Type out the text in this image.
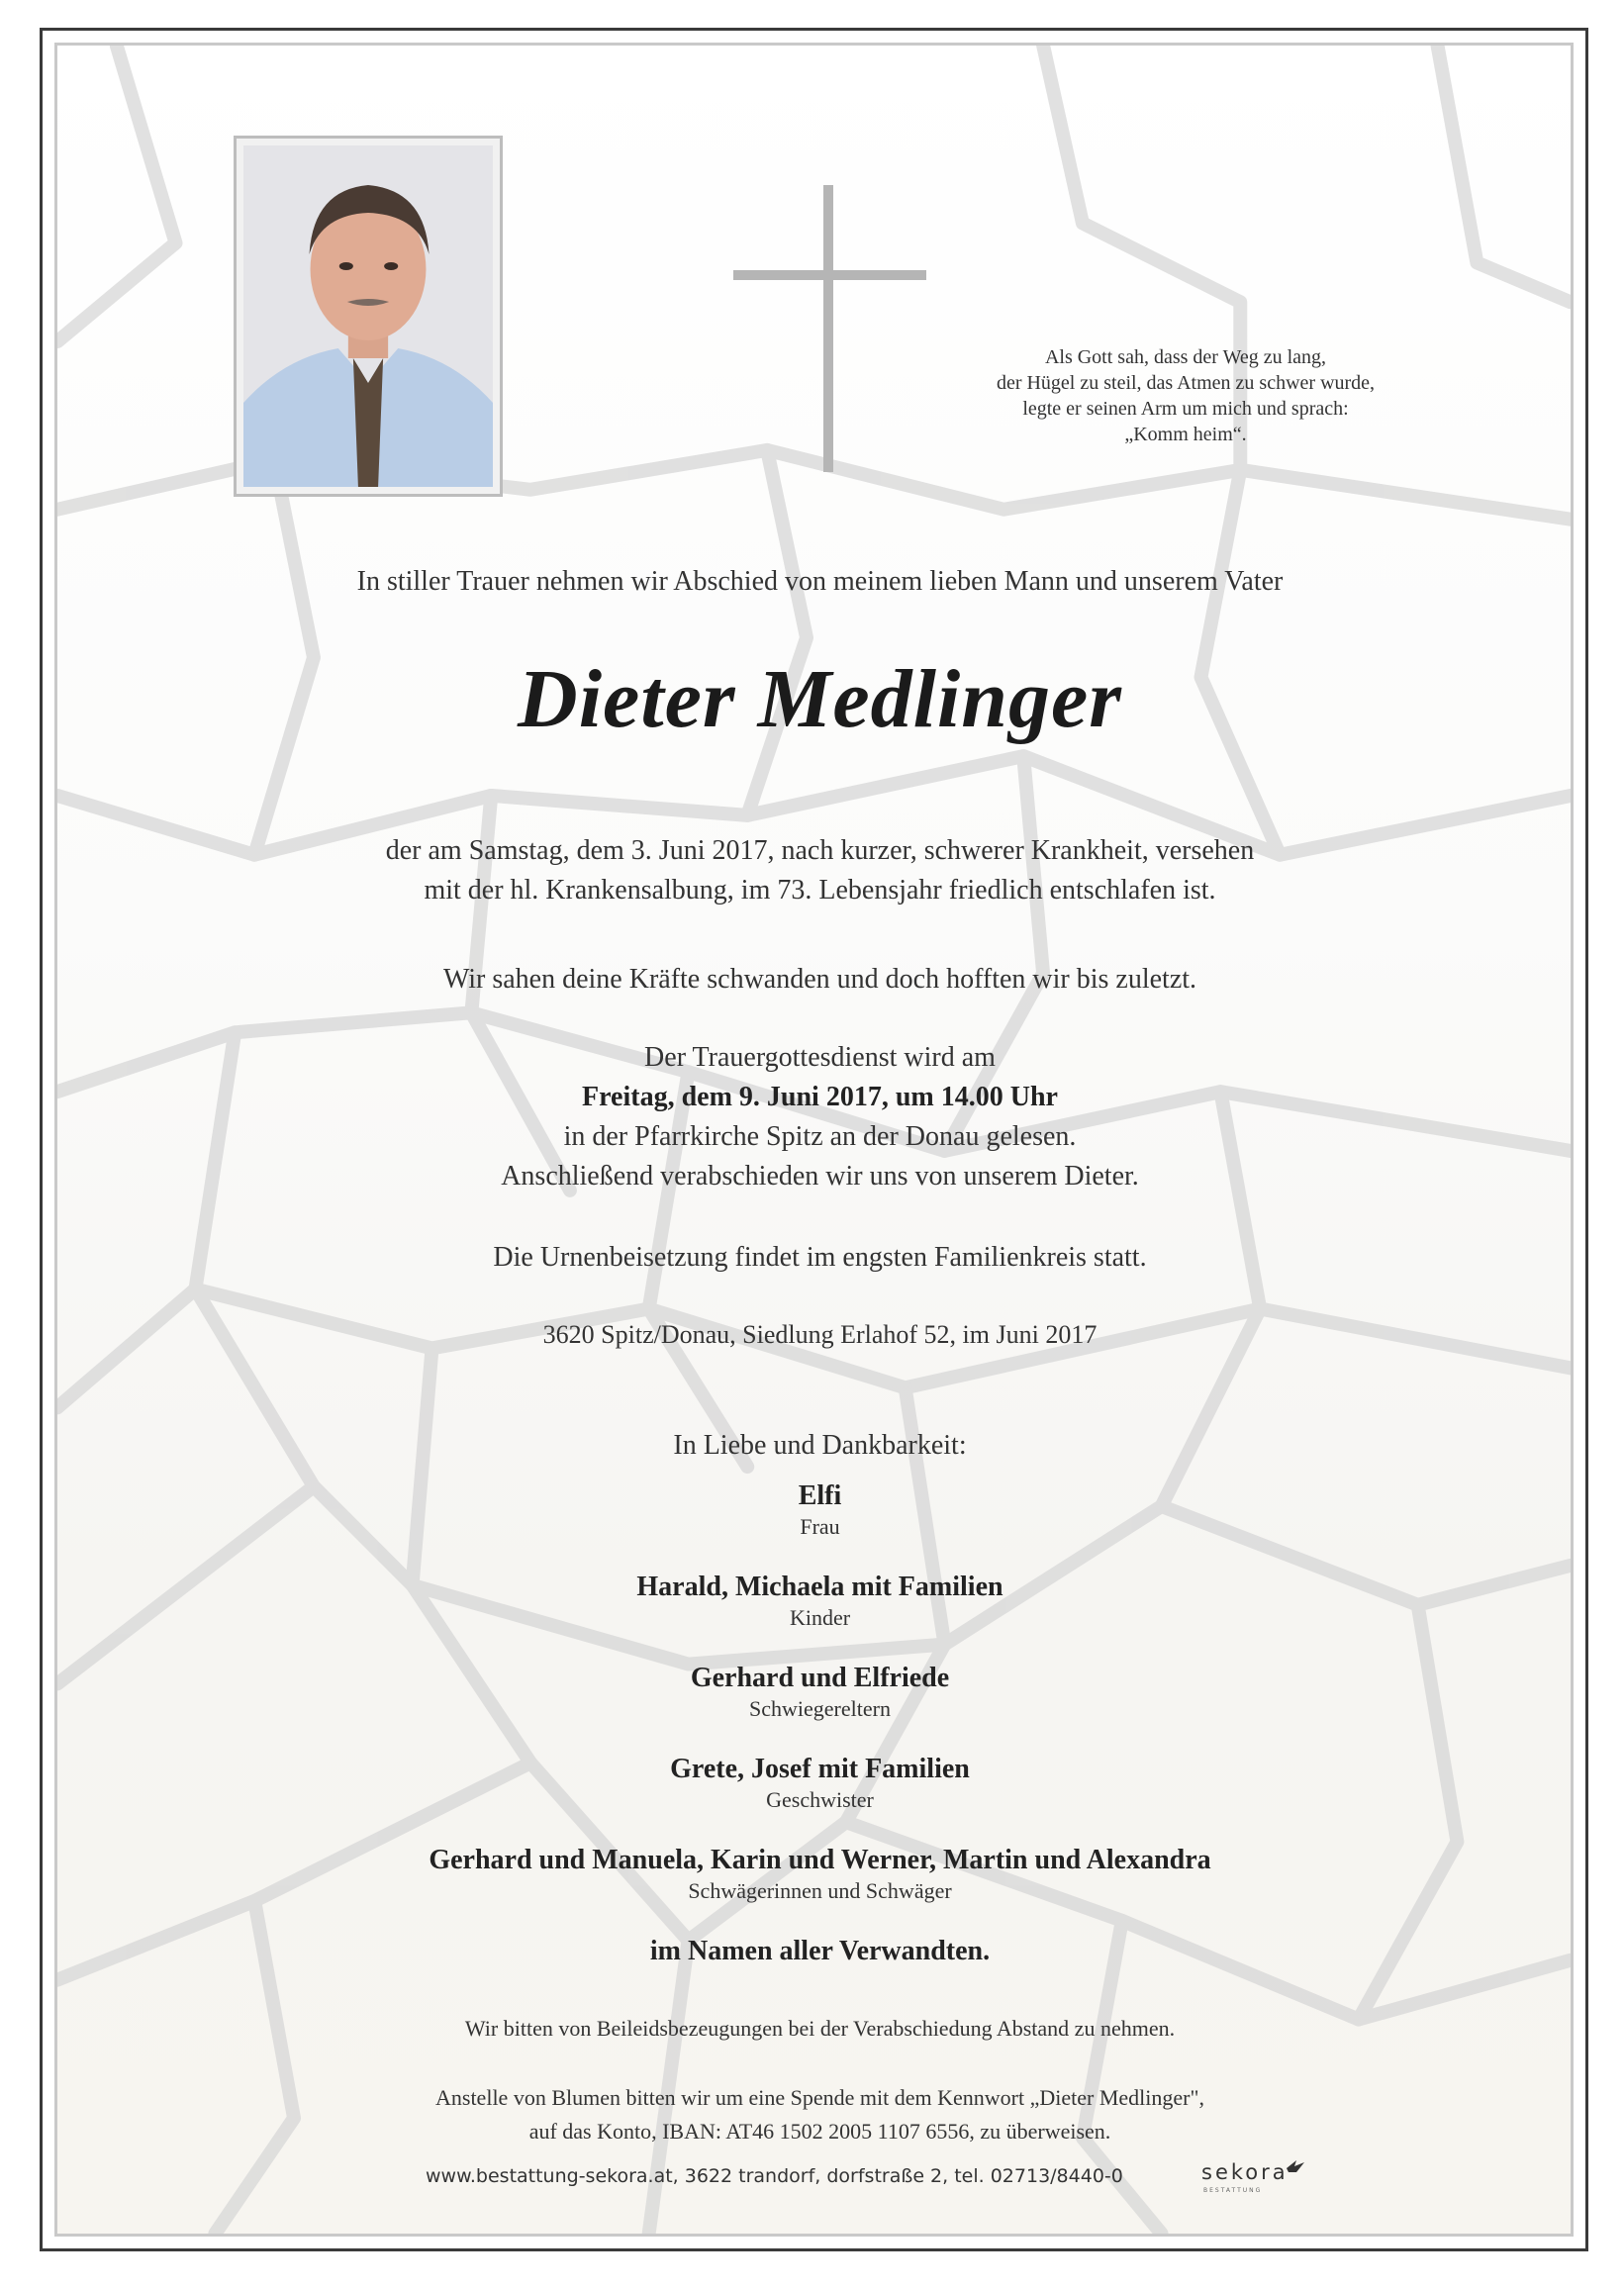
Als Gott sah, dass der Weg zu lang,
der Hügel zu steil, das Atmen zu schwer wurde,
legte er seinen Arm um mich und sprach:
„Komm heim“.
In stiller Trauer nehmen wir Abschied von meinem lieben Mann und unserem Vater
Dieter Medlinger
der am Samstag, dem 3. Juni 2017, nach kurzer, schwerer Krankheit, versehen
mit der hl. Krankensalbung, im 73. Lebensjahr friedlich entschlafen ist.
Wir sahen deine Kräfte schwanden und doch hofften wir bis zuletzt.
Der Trauergottesdienst wird am
Freitag, dem 9. Juni 2017, um 14.00 Uhr
in der Pfarrkirche Spitz an der Donau gelesen.
Anschließend verabschieden wir uns von unserem Dieter.
Die Urnenbeisetzung findet im engsten Familienkreis statt.
3620 Spitz/Donau, Siedlung Erlahof 52, im Juni 2017
In Liebe und Dankbarkeit:
Elfi
Frau
Harald, Michaela mit Familien
Kinder
Gerhard und Elfriede
Schwiegereltern
Grete, Josef mit Familien
Geschwister
Gerhard und Manuela, Karin und Werner, Martin und Alexandra
Schwägerinnen und Schwäger
im Namen aller Verwandten.
Wir bitten von Beileidsbezeugungen bei der Verabschiedung Abstand zu nehmen.
Anstelle von Blumen bitten wir um eine Spende mit dem Kennwort „Dieter Medlinger",
auf das Konto, IBAN: AT46 1502 2005 1107 6556, zu überweisen.
www.bestattung-sekora.at, 3622 trandorf, dorfstraße 2, tel. 02713/8440-0	sekora
BESTATTUNG
